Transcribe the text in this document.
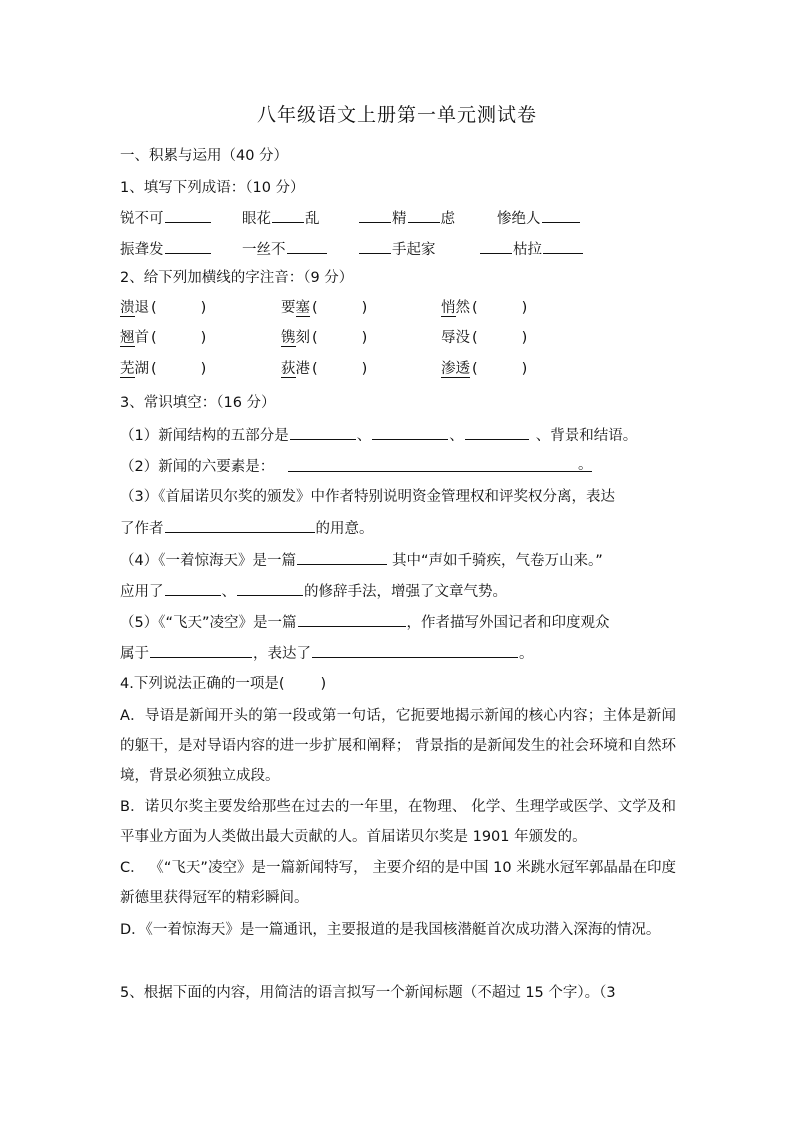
八年级语文上册第一单元测试卷
一、积累与运用（40 分）
1、填写下列成语：（10 分）
锐不可	眼花 乱	精 虑	惨绝人
振聋发	一丝不	手起家	枯拉
2、给下列加横线的字注音：（9 分）
溃退 (	)	要塞 (	)	悄然 (	)
翘首 (	)	镌刻 (	)	辱没 (	)
芜湖 (	)	荻港 (	)	渗透 (	)
3、常识填空：（16 分）
（1）新闻结构的五部分是	、	、	、背景和结语。
（2）新闻的六要素是：	。
（3）《首届诺贝尔奖的颁发》中作者特别说明资金管理权和评奖权分离，表达
了作者	的用意。
（4）《一着惊海天》是一篇	其中“声如千骑疾，气卷万山来。”
应用了	、	的修辞手法，增强了文章气势。
（5）《“飞天”凌空》是一篇	，作者描写外国记者和印度观众
属于	，表达了	。
4.下列说法正确的一项是( )
A．导语是新闻开头的第一段或第一句话，它扼要地揭示新闻的核心内容；主体是新闻的躯干，是对导语内容的进一步扩展和阐释； 背景指的是新闻发生的社会环境和自然环境，背景必须独立成段。
B．诺贝尔奖主要发给那些在过去的一年里，在物理、 化学、生理学或医学、文学及和平事业方面为人类做出最大贡献的人。首届诺贝尔奖是 1901 年颁发的。
C． 《“飞天”凌空》是一篇新闻特写， 主要介绍的是中国 10 米跳水冠军郭晶晶在印度新德里获得冠军的精彩瞬间。
D．《一着惊海天》是一篇通讯，主要报道的是我国核潜艇首次成功潜入深海的情况。
5、根据下面的内容，用简洁的语言拟写一个新闻标题（不超过 15 个字）。（3
